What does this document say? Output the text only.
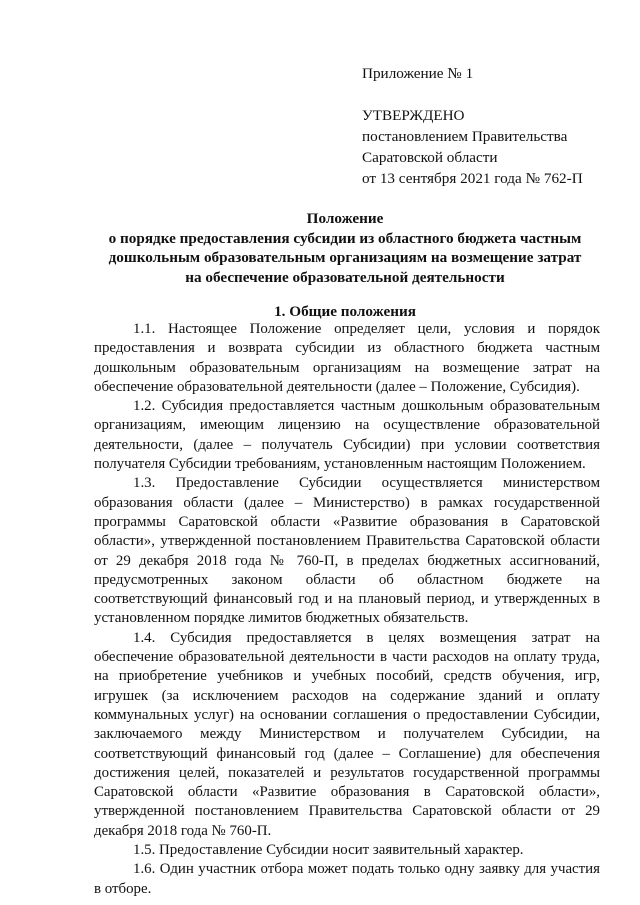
Приложение № 1
УТВЕРЖДЕНО
постановлением Правительства
Саратовской области
от 13 сентября 2021 года № 762-П
Положение
о порядке предоставления субсидии из областного бюджета частным
дошкольным образовательным организациям на возмещение затрат
на обеспечение образовательной деятельности
1. Общие положения

1.1. Настоящее Положение определяет цели, условия и порядок предоставления и возврата субсидии из областного бюджета частным дошкольным образовательным организациям на возмещение затрат на обеспечение образовательной деятельности (далее – Положение, Субсидия).

1.2. Субсидия предоставляется частным дошкольным образовательным организациям, имеющим лицензию на осуществление образовательной деятельности, (далее – получатель Субсидии) при условии соответствия получателя Субсидии требованиям, установленным настоящим Положением.

1.3. Предоставление Субсидии осуществляется министерством образования области (далее – Министерство) в рамках государственной программы Саратовской области «Развитие образования в Саратовской области», утвержденной постановлением Правительства Саратовской области от 29 декабря 2018 года № 760-П, в пределах бюджетных ассигнований, предусмотренных законом области об областном бюджете на соответствующий финансовый год и на плановый период, и утвержденных в установленном порядке лимитов бюджетных обязательств.

1.4. Субсидия предоставляется в целях возмещения затрат на обеспечение образовательной деятельности в части расходов на оплату труда, на приобретение учебников и учебных пособий, средств обучения, игр, игрушек (за исключением расходов на содержание зданий и оплату коммунальных услуг) на основании соглашения о предоставлении Субсидии, заключаемого между Министерством и получателем Субсидии, на соответствующий финансовый год (далее – Соглашение) для обеспечения достижения целей, показателей и результатов государственной программы Саратовской области «Развитие образования в Саратовской области», утвержденной постановлением Правительства Саратовской области от 29 декабря 2018 года № 760-П.

1.5. Предоставление Субсидии носит заявительный характер.

1.6. Один участник отбора может подать только одну заявку для участия в отборе.
